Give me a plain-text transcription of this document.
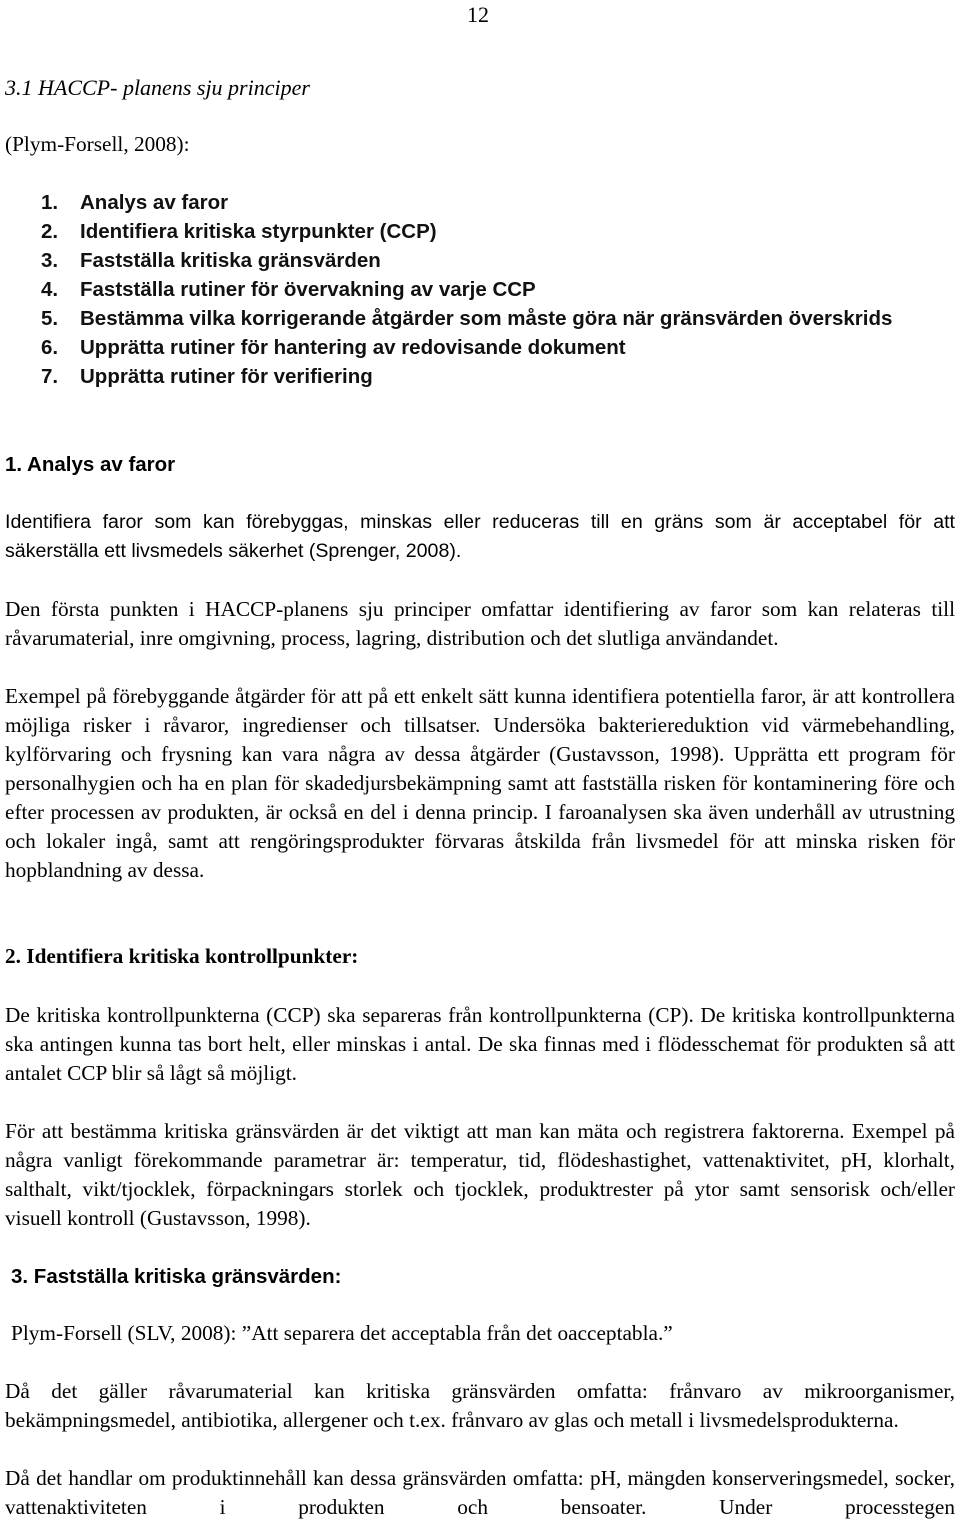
12
3.1 HACCP- planens sju principer
(Plym-Forsell, 2008):
1. Analys av faror
2. Identifiera kritiska styrpunkter (CCP)
3. Fastställa kritiska gränsvärden
4. Fastställa rutiner för övervakning av varje CCP
5. Bestämma vilka korrigerande åtgärder som måste göra när gränsvärden överskrids
6. Upprätta rutiner för hantering av redovisande dokument
7. Upprätta rutiner för verifiering
1. Analys av faror

Identifiera faror som kan förebyggas, minskas eller reduceras till en gräns som är acceptabel för att säkerställa ett livsmedels säkerhet (Sprenger, 2008).

Den första punkten i HACCP-planens sju principer omfattar identifiering av faror som kan relateras till råvarumaterial, inre omgivning, process, lagring, distribution och det slutliga användandet.

Exempel på förebyggande åtgärder för att på ett enkelt sätt kunna identifiera potentiella faror, är att kontrollera möjliga risker i råvaror, ingredienser och tillsatser. Undersöka bakteriereduktion vid värmebehandling, kylförvaring och frysning kan vara några av dessa åtgärder (Gustavsson, 1998). Upprätta ett program för personalhygien och ha en plan för skadedjursbekämpning samt att fastställa risken för kontaminering före och efter processen av produkten, är också en del i denna princip. I faroanalysen ska även underhåll av utrustning och lokaler ingå, samt att rengöringsprodukter förvaras åtskilda från livsmedel för att minska risken för hopblandning av dessa.

2. Identifiera kritiska kontrollpunkter:

De kritiska kontrollpunkterna (CCP) ska separeras från kontrollpunkterna (CP). De kritiska kontrollpunkterna ska antingen kunna tas bort helt, eller minskas i antal. De ska finnas med i flödesschemat för produkten så att antalet CCP blir så lågt så möjligt.

För att bestämma kritiska gränsvärden är det viktigt att man kan mäta och registrera faktorerna. Exempel på några vanligt förekommande parametrar är: temperatur, tid, flödeshastighet, vattenaktivitet, pH, klorhalt, salthalt, vikt/tjocklek, förpackningars storlek och tjocklek, produktrester på ytor samt sensorisk och/eller visuell kontroll (Gustavsson, 1998).

3. Fastställa kritiska gränsvärden:

Plym-Forsell (SLV, 2008): ”Att separera det acceptabla från det oacceptabla.”

Då det gäller råvarumaterial kan kritiska gränsvärden omfatta: frånvaro av mikroorganismer, bekämpningsmedel, antibiotika, allergener och t.ex. frånvaro av glas och metall i livsmedelsprodukterna.

Då det handlar om produktinnehåll kan dessa gränsvärden omfatta: pH, mängden konserveringsmedel, socker, vattenaktiviteten i produkten och bensoater. Under processtegen
